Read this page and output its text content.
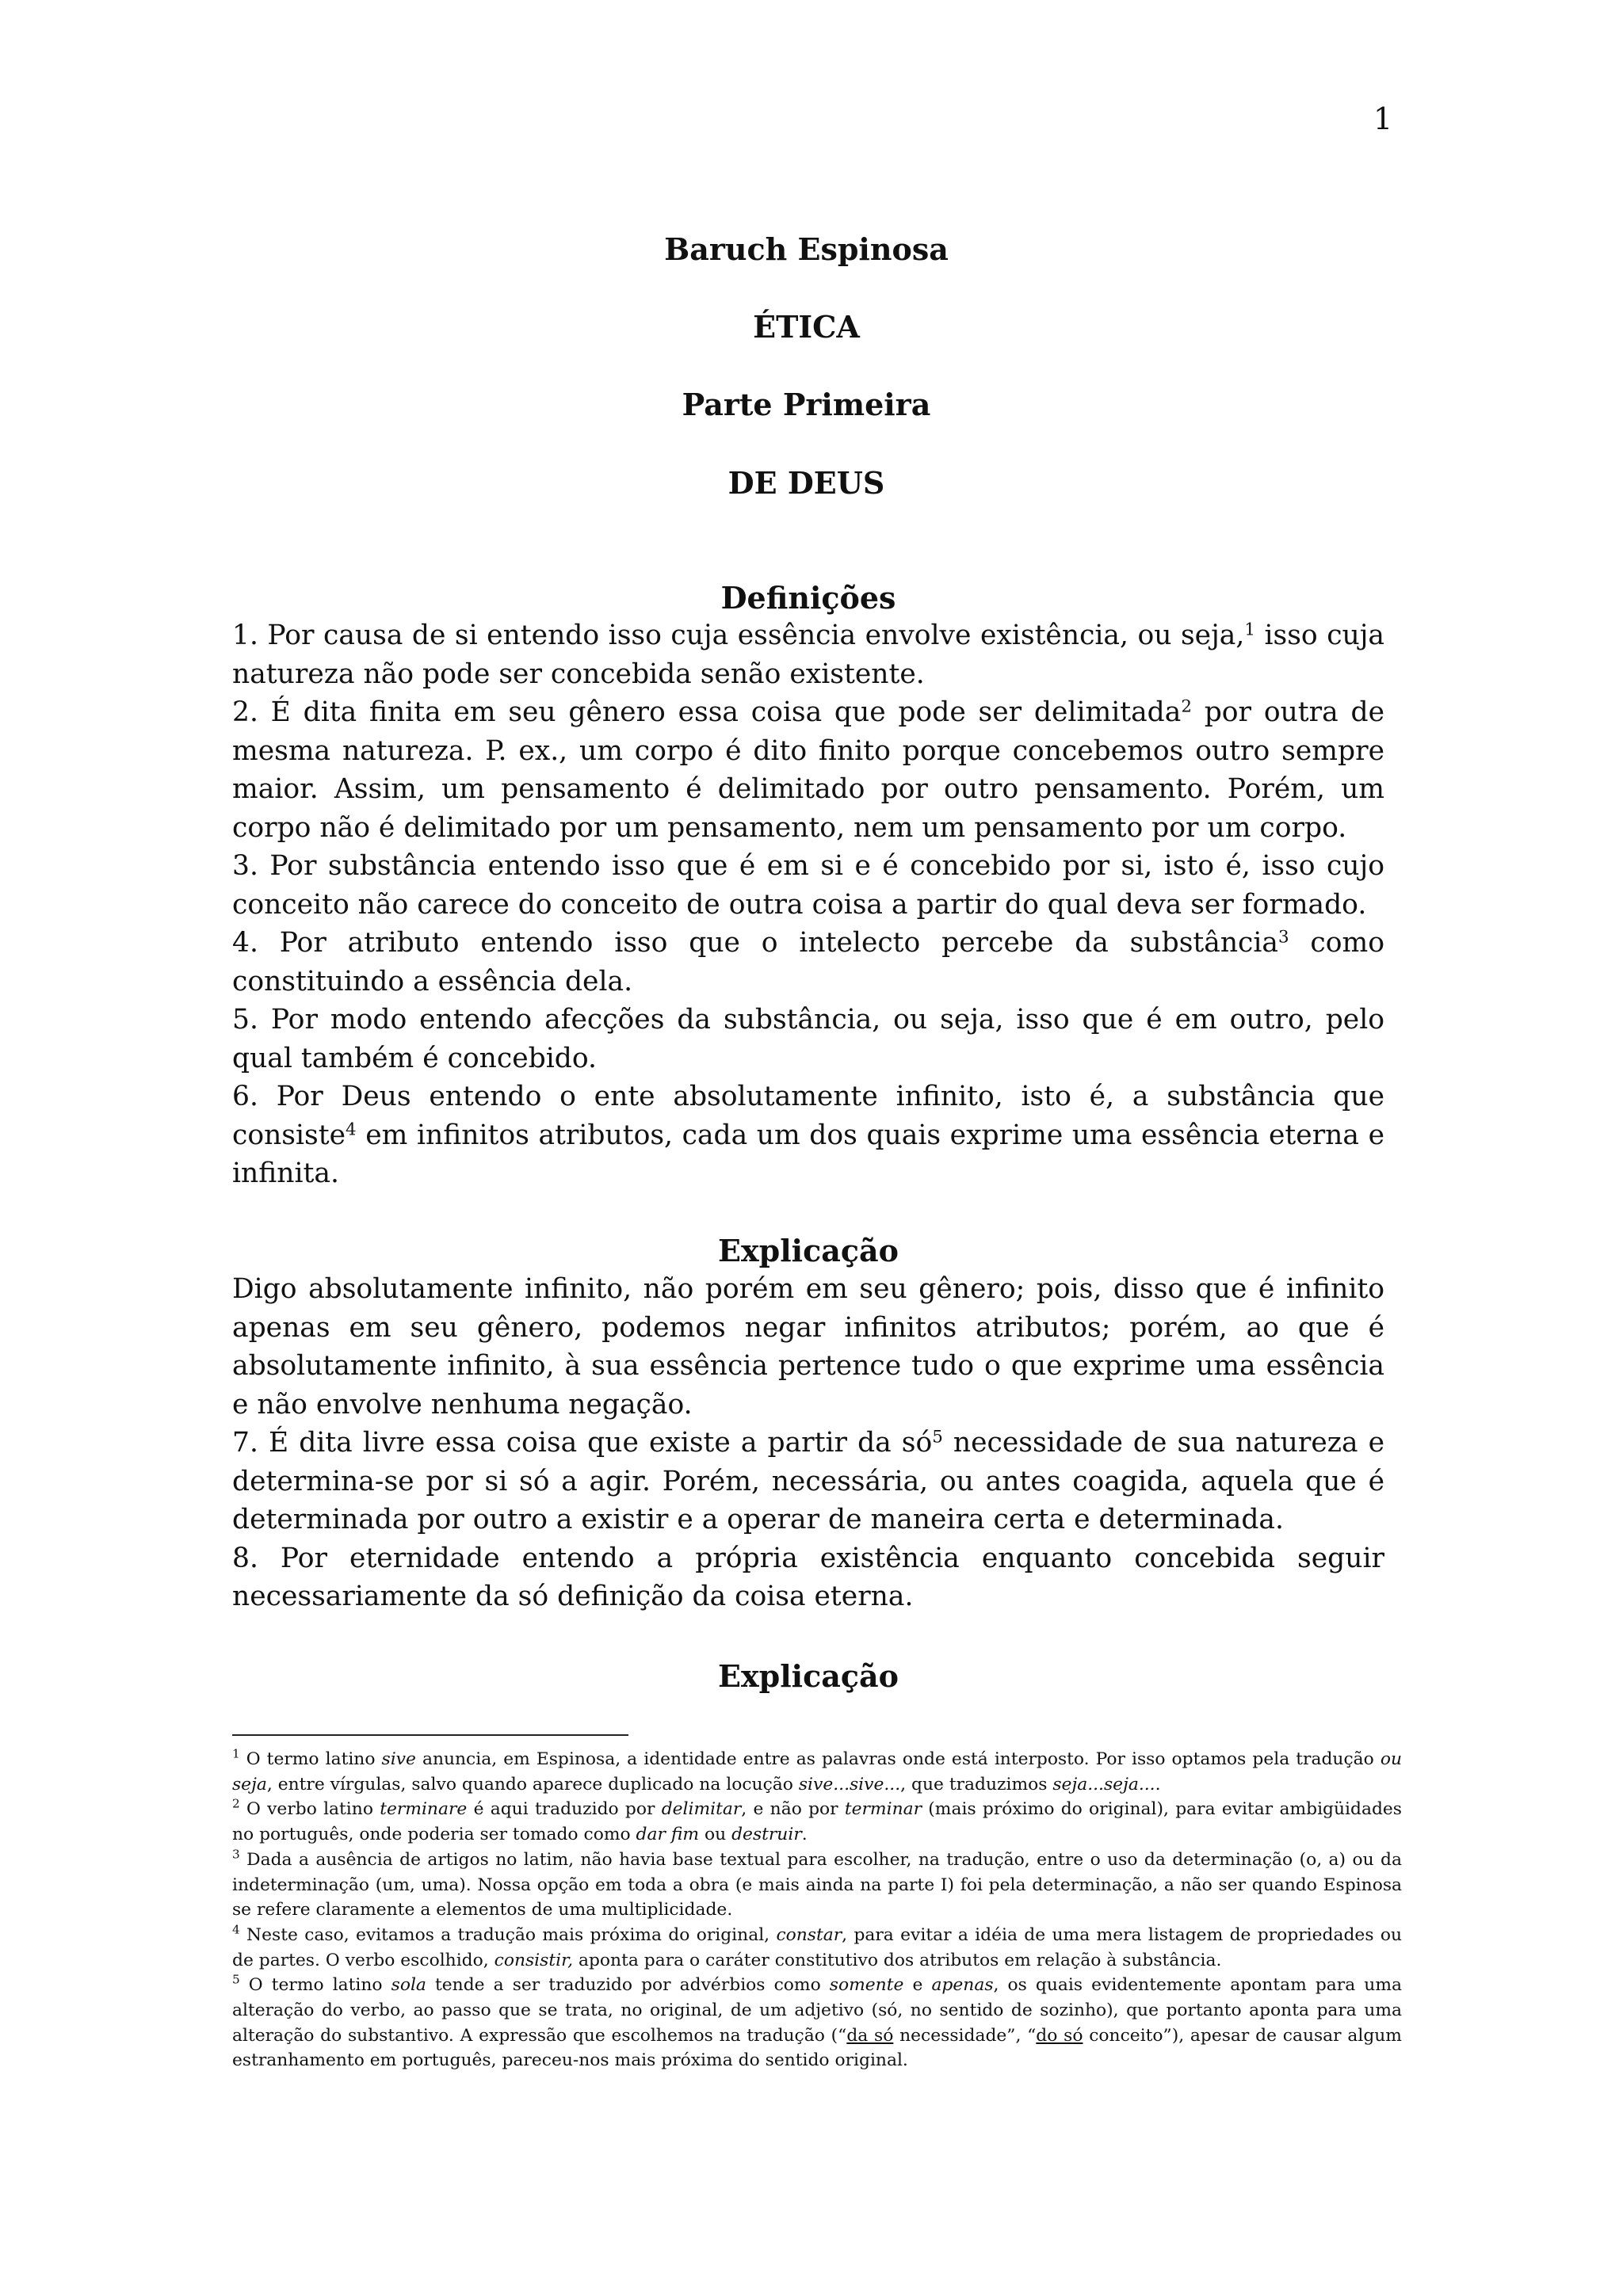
1
Baruch Espinosa
ÉTICA
Parte Primeira
DE DEUS
Definições

1. Por causa de si entendo isso cuja essência envolve existência, ou seja,$^1$ isso cuja natureza não pode ser concebida senão existente.

2. É dita finita em seu gênero essa coisa que pode ser delimitada$^2$ por outra de mesma natureza. P. ex., um corpo é dito finito porque concebemos outro sempre maior. Assim, um pensamento é delimitado por outro pensamento. Porém, um corpo não é delimitado por um pensamento, nem um pensamento por um corpo.

3. Por substância entendo isso que é em si e é concebido por si, isto é, isso cujo conceito não carece do conceito de outra coisa a partir do qual deva ser formado.

4. Por atributo entendo isso que o intelecto percebe da substância$^3$ como constituindo a essência dela.

5. Por modo entendo afecções da substância, ou seja, isso que é em outro, pelo qual também é concebido.

6. Por Deus entendo o ente absolutamente infinito, isto é, a substância que consiste$^4$ em infinitos atributos, cada um dos quais exprime uma essência eterna e infinita.

Explicação

Digo absolutamente infinito, não porém em seu gênero; pois, disso que é infinito apenas em seu gênero, podemos negar infinitos atributos; porém, ao que é absolutamente infinito, à sua essência pertence tudo o que exprime uma essência e não envolve nenhuma negação.

7. É dita livre essa coisa que existe a partir da $só^5$ necessidade de sua natureza e determina-se por si só a agir. Porém, necessária, ou antes coagida, aquela que é determinada por outro a existir e a operar de maneira certa e determinada.

8. Por eternidade entendo a própria existência enquanto concebida seguir necessariamente da só definição da coisa eterna.

Explicação

$^1$ O termo latino sive anuncia, em Espinosa, a identidade entre as palavras onde está interposto. Por isso optamos pela tradução ou seja, entre vírgulas, salvo quando aparece duplicado na locução sive...sive..., que traduzimos seja...seja....

$^2$ O verbo latino terminare é aqui traduzido por delimitar, e não por terminar (mais próximo do original), para evitar ambigüidades no português, onde poderia ser tomado como dar fim ou destruir.

$^3$ Dada a ausência de artigos no latim, não havia base textual para escolher, na tradução, entre o uso da determinação (o, a) ou da indeterminação (um, uma). Nossa opção em toda a obra (e mais ainda na parte I) foi pela determinação, a não ser quando Espinosa se refere claramente a elementos de uma multiplicidade.

$^4$ Neste caso, evitamos a tradução mais próxima do original, constar, para evitar a idéia de uma mera listagem de propriedades ou de partes. O verbo escolhido, consistir, aponta para o caráter constitutivo dos atributos em relação à substância.

$^5$ O termo latino sola tende a ser traduzido por advérbios como somente e apenas, os quais evidentemente apontam para uma alteração do verbo, ao passo que se trata, no original, de um adjetivo (só, no sentido de sozinho), que portanto aponta para uma alteração do substantivo. A expressão que escolhemos na tradução (“da só necessidade”, “do só conceito”), apesar de causar algum estranhamento em português, pareceu-nos mais próxima do sentido original.
